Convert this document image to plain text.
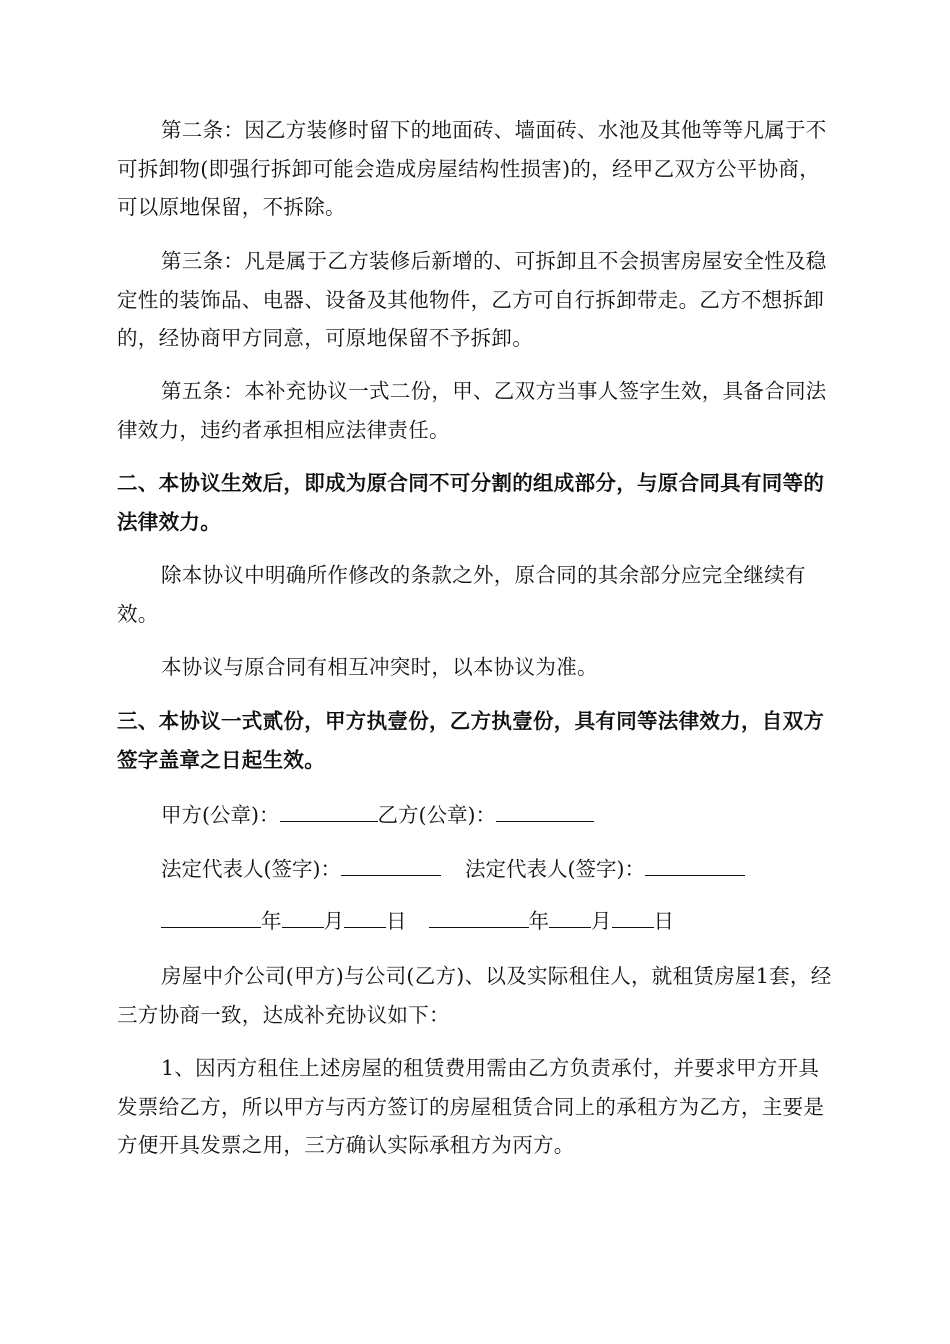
第二条：因乙方装修时留下的地面砖、墙面砖、水池及其他等等凡属于不可拆卸物(即强行拆卸可能会造成房屋结构性损害)的，经甲乙双方公平协商，可以原地保留，不拆除。

第三条：凡是属于乙方装修后新增的、可拆卸且不会损害房屋安全性及稳定性的装饰品、电器、设备及其他物件，乙方可自行拆卸带走。乙方不想拆卸的，经协商甲方同意，可原地保留不予拆卸。

第五条：本补充协议一式二份，甲、乙双方当事人签字生效，具备合同法律效力，违约者承担相应法律责任。

二、本协议生效后，即成为原合同不可分割的组成部分，与原合同具有同等的法律效力。

除本协议中明确所作修改的条款之外，原合同的其余部分应完全继续有效。

本协议与原合同有相互冲突时，以本协议为准。

三、本协议一式贰份，甲方执壹份，乙方执壹份，具有同等法律效力，自双方签字盖章之日起生效。

甲方(公章)：	乙方(公章)：
法定代表人(签字)：	法定代表人(签字)：
年 月 日	年 月 日

房屋中介公司(甲方)与公司(乙方)、以及实际租住人，就租赁房屋1套，经三方协商一致，达成补充协议如下：

1、因丙方租住上述房屋的租赁费用需由乙方负责承付，并要求甲方开具发票给乙方，所以甲方与丙方签订的房屋租赁合同上的承租方为乙方，主要是方便开具发票之用，三方确认实际承租方为丙方。
